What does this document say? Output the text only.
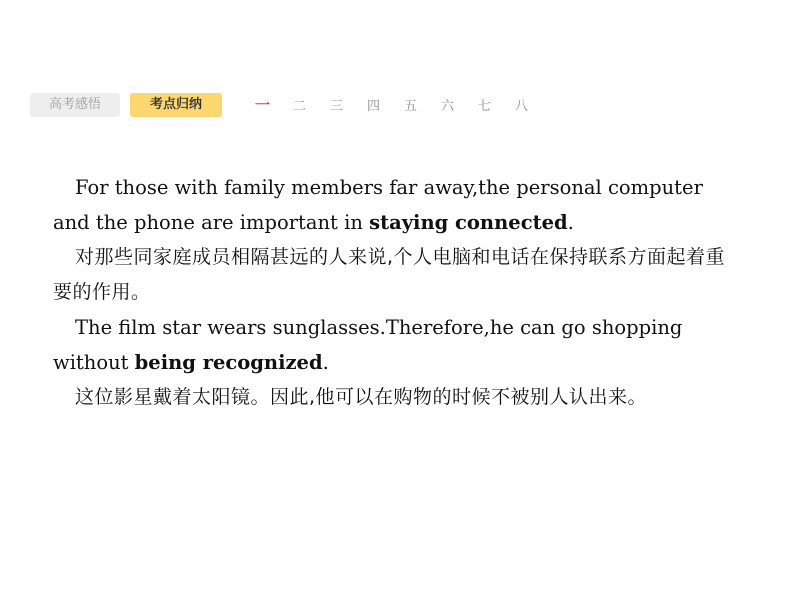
高考感悟	考点归纳	一	二	三	四	五	六	七	八

For those with family members far away,the personal computer and the phone are important in staying connected.

对那些同家庭成员相隔甚远的人来说,个人电脑和电话在保持联系方面起着重要的作用。

The film star wears sunglasses.Therefore,he can go shopping without being recognized.

这位影星戴着太阳镜。因此,他可以在购物的时候不被别人认出来。
